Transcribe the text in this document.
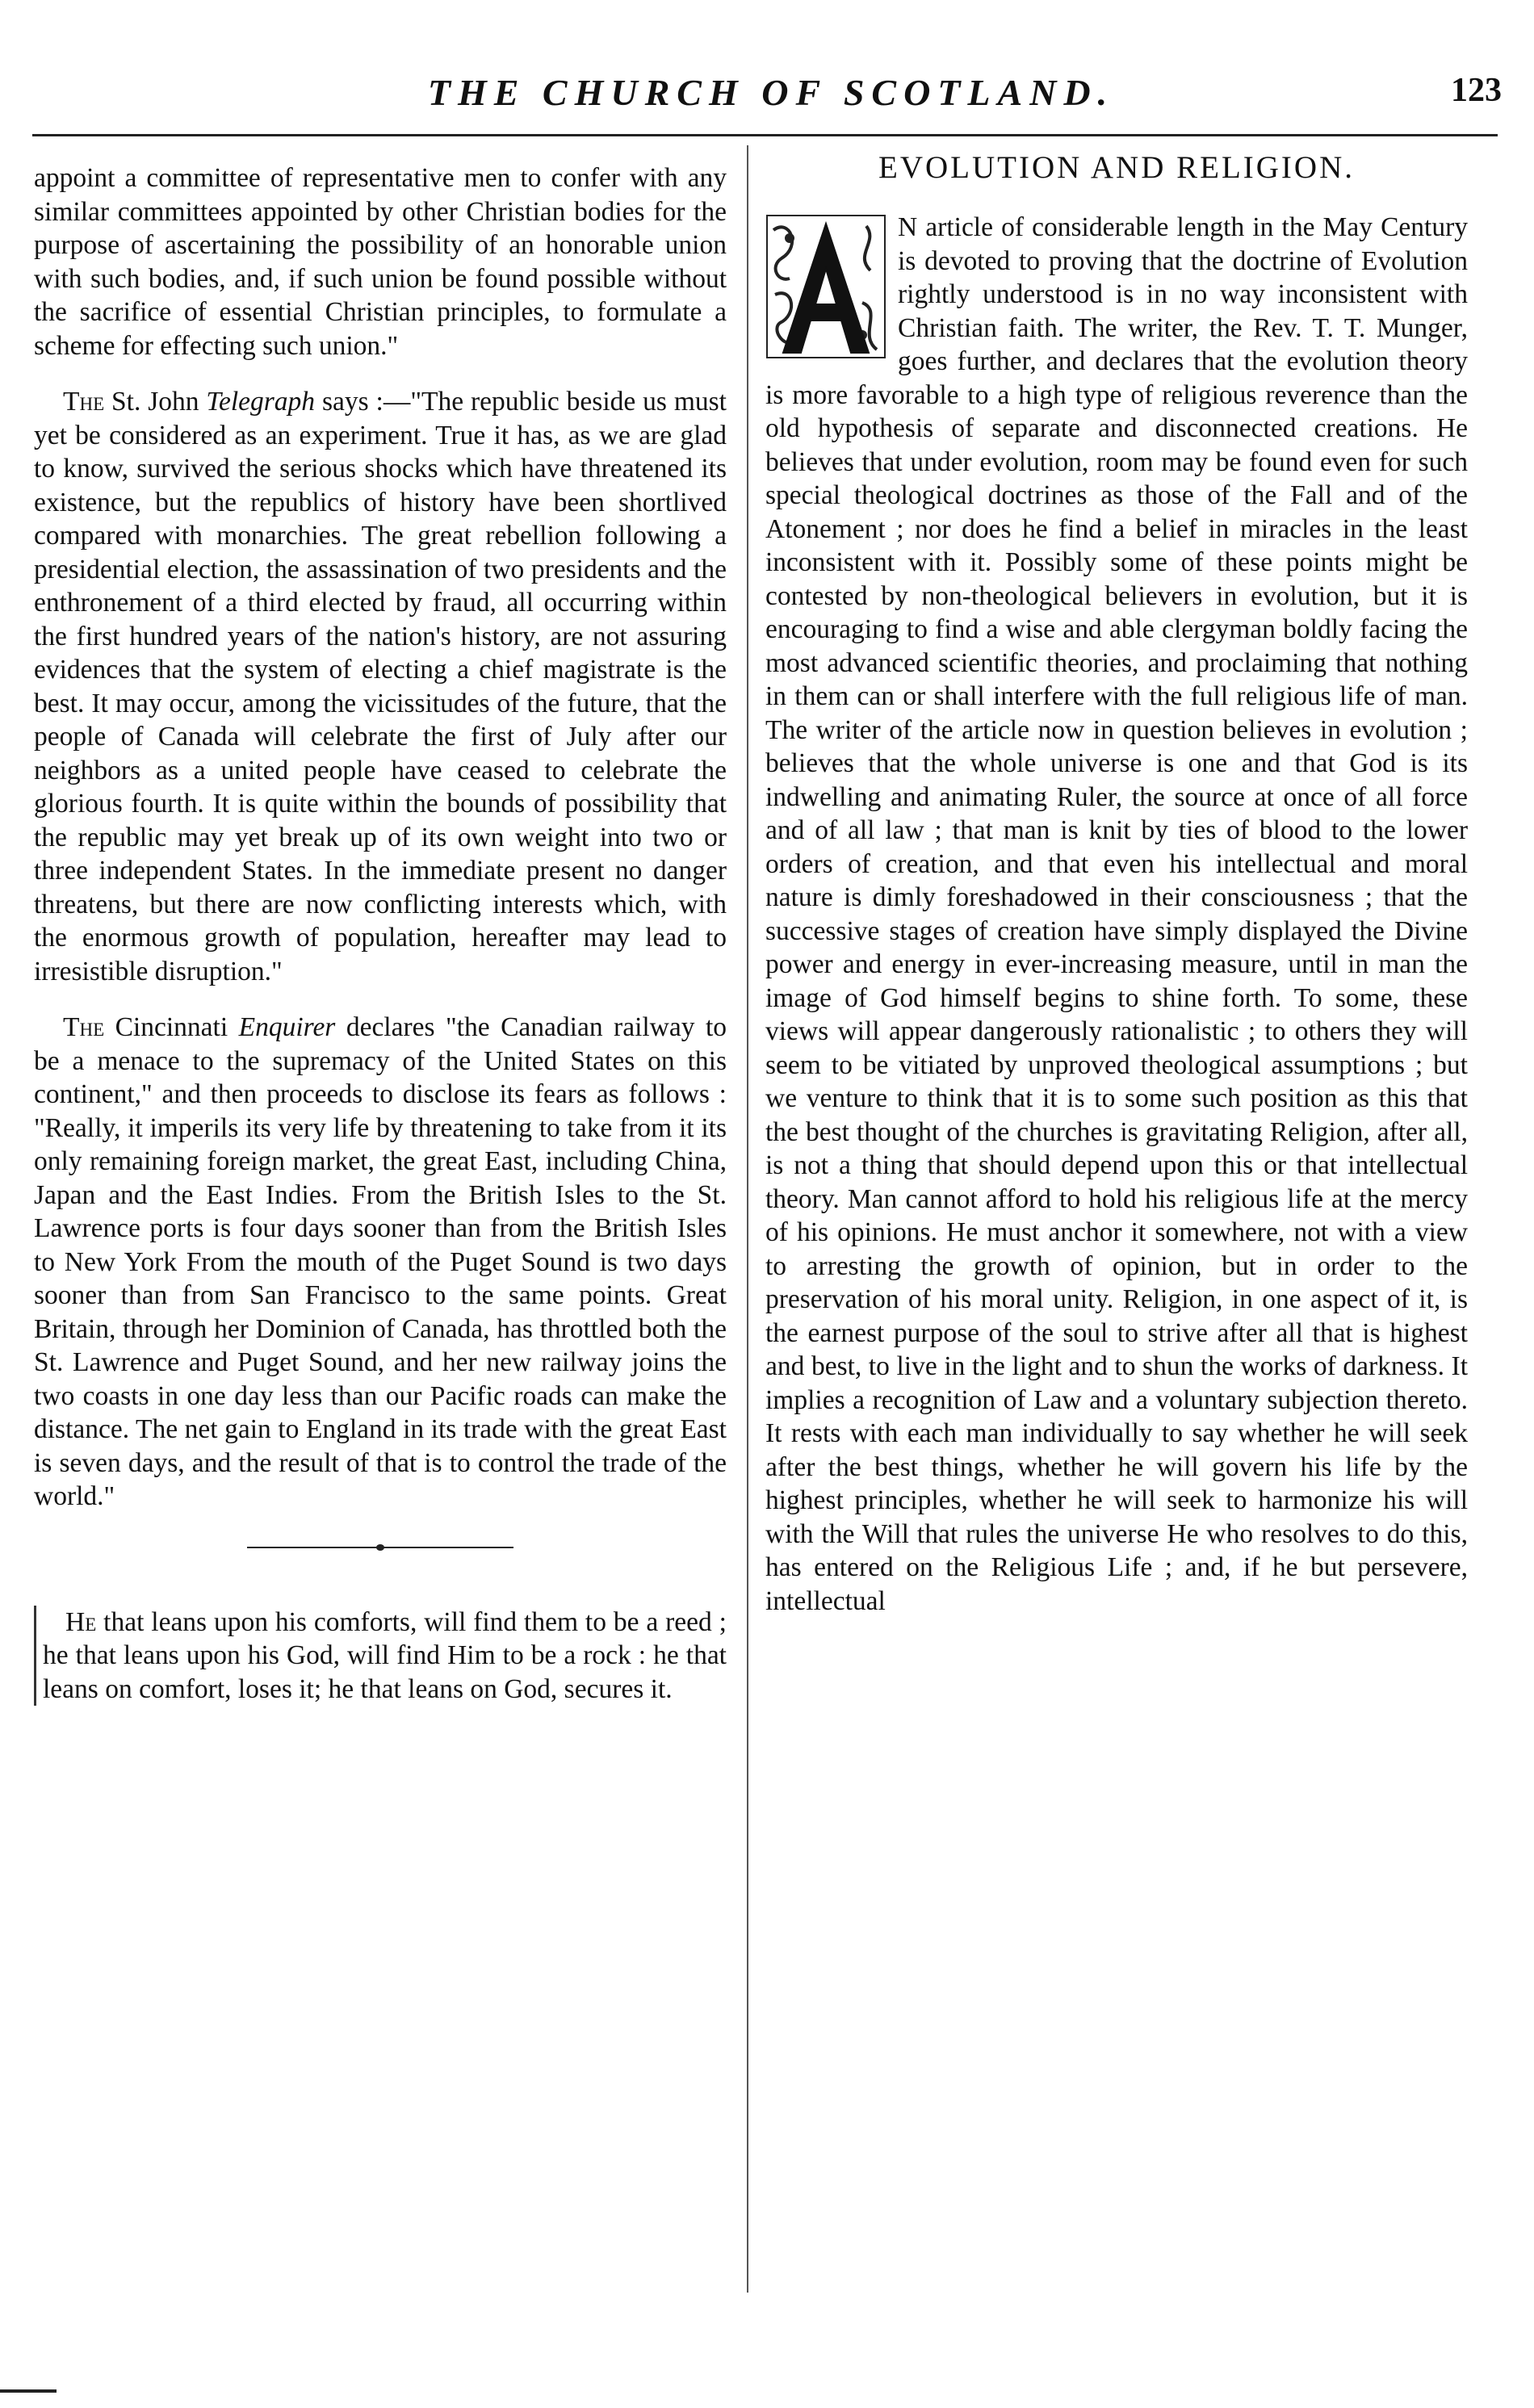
THE CHURCH OF SCOTLAND.	123

appoint a committee of representative men to confer with any similar committees appointed by other Christian bodies for the purpose of ascertaining the possibility of an honorable union with such bodies, and, if such union be found possible without the sacrifice of essential Christian principles, to formulate a scheme for effecting such union."

The St. John Telegraph says :—"The republic beside us must yet be considered as an experiment. True it has, as we are glad to know, survived the serious shocks which have threatened its existence, but the republics of history have been shortlived compared with monarchies. The great rebellion following a presidential election, the assassination of two presidents and the enthronement of a third elected by fraud, all occurring within the first hundred years of the nation's history, are not assuring evidences that the system of electing a chief magistrate is the best. It may occur, among the vicissitudes of the future, that the people of Canada will celebrate the first of July after our neighbors as a united people have ceased to celebrate the glorious fourth. It is quite within the bounds of possibility that the republic may yet break up of its own weight into two or three independent States. In the immediate present no danger threatens, but there are now conflicting interests which, with the enormous growth of population, hereafter may lead to irresistible disruption."

The Cincinnati Enquirer declares "the Canadian railway to be a menace to the supremacy of the United States on this continent," and then proceeds to disclose its fears as follows : "Really, it imperils its very life by threatening to take from it its only remaining foreign market, the great East, including China, Japan and the East Indies. From the British Isles to the St. Lawrence ports is four days sooner than from the British Isles to New York From the mouth of the Puget Sound is two days sooner than from San Francisco to the same points. Great Britain, through her Dominion of Canada, has throttled both the St. Lawrence and Puget Sound, and her new railway joins the two coasts in one day less than our Pacific roads can make the distance. The net gain to England in its trade with the great East is seven days, and the result of that is to control the trade of the world."

He that leans upon his comforts, will find them to be a reed ; he that leans upon his God, will find Him to be a rock : he that leans on comfort, loses it; he that leans on God, secures it.

EVOLUTION AND RELIGION.

N article of considerable length in the May Century is devoted to proving that the doctrine of Evolution rightly understood is in no way inconsistent with Christian faith. The writer, the Rev. T. T. Munger, goes further, and declares that the evolution theory is more favorable to a high type of religious reverence than the old hypothesis of separate and disconnected creations. He believes that under evolution, room may be found even for such special theological doctrines as those of the Fall and of the Atonement ; nor does he find a belief in miracles in the least inconsistent with it. Possibly some of these points might be contested by non-theological believers in evolution, but it is encouraging to find a wise and able clergyman boldly facing the most advanced scientific theories, and proclaiming that nothing in them can or shall interfere with the full religious life of man. The writer of the article now in question believes in evolution ; believes that the whole universe is one and that God is its indwelling and animating Ruler, the source at once of all force and of all law ; that man is knit by ties of blood to the lower orders of creation, and that even his intellectual and moral nature is dimly foreshadowed in their consciousness ; that the successive stages of creation have simply displayed the Divine power and energy in ever-increasing measure, until in man the image of God himself begins to shine forth. To some, these views will appear dangerously rationalistic ; to others they will seem to be vitiated by unproved theological assumptions ; but we venture to think that it is to some such position as this that the best thought of the churches is gravitating Religion, after all, is not a thing that should depend upon this or that intellectual theory. Man cannot afford to hold his religious life at the mercy of his opinions. He must anchor it somewhere, not with a view to arresting the growth of opinion, but in order to the preservation of his moral unity. Religion, in one aspect of it, is the earnest purpose of the soul to strive after all that is highest and best, to live in the light and to shun the works of darkness. It implies a recognition of Law and a voluntary subjection thereto. It rests with each man individually to say whether he will seek after the best things, whether he will govern his life by the highest principles, whether he will seek to harmonize his will with the Will that rules the universe He who resolves to do this, has entered on the Religious Life ; and, if he but persevere, intellectual
